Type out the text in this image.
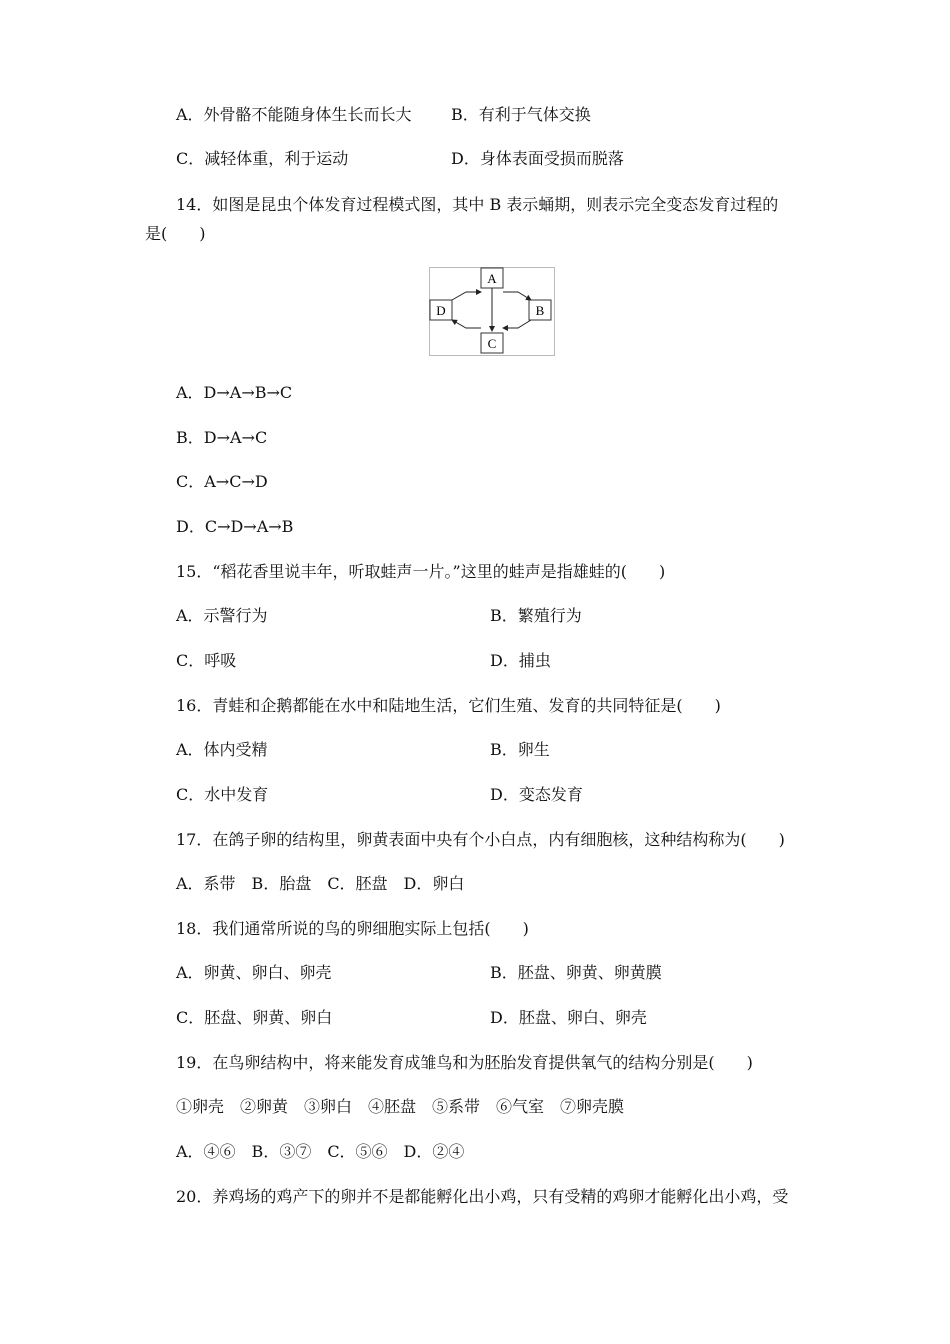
A．外骨骼不能随身体生长而长大 B．有利于气体交换
C．减轻体重，利于运动	D．身体表面受损而脱落
14．如图是昆虫个体发育过程模式图，其中 B 表示蛹期，则表示完全变态发育过程的
是(　　)
A
B
C
D
A．D→A→B→C
B．D→A→C
C．A→C→D
D．C→D→A→B
15．“稻花香里说丰年，听取蛙声一片。”这里的蛙声是指雄蛙的(　　)
A．示警行为	B．繁殖行为
C．呼吸	D．捕虫
16．青蛙和企鹅都能在水中和陆地生活，它们生殖、发育的共同特征是(　　)
A．体内受精	B．卵生
C．水中发育	D．变态发育
17．在鸽子卵的结构里，卵黄表面中央有个小白点，内有细胞核，这种结构称为(　　)
A．系带　B．胎盘　C．胚盘　D．卵白
18．我们通常所说的鸟的卵细胞实际上包括(　　)
A．卵黄、卵白、卵壳	B．胚盘、卵黄、卵黄膜
C．胚盘、卵黄、卵白	D．胚盘、卵白、卵壳
19．在鸟卵结构中，将来能发育成雏鸟和为胚胎发育提供氧气的结构分别是(　　)
①卵壳　②卵黄　③卵白　④胚盘　⑤系带　⑥气室　⑦卵壳膜
A．④⑥　B．③⑦　C．⑤⑥　D．②④
20．养鸡场的鸡产下的卵并不是都能孵化出小鸡，只有受精的鸡卵才能孵化出小鸡，受
